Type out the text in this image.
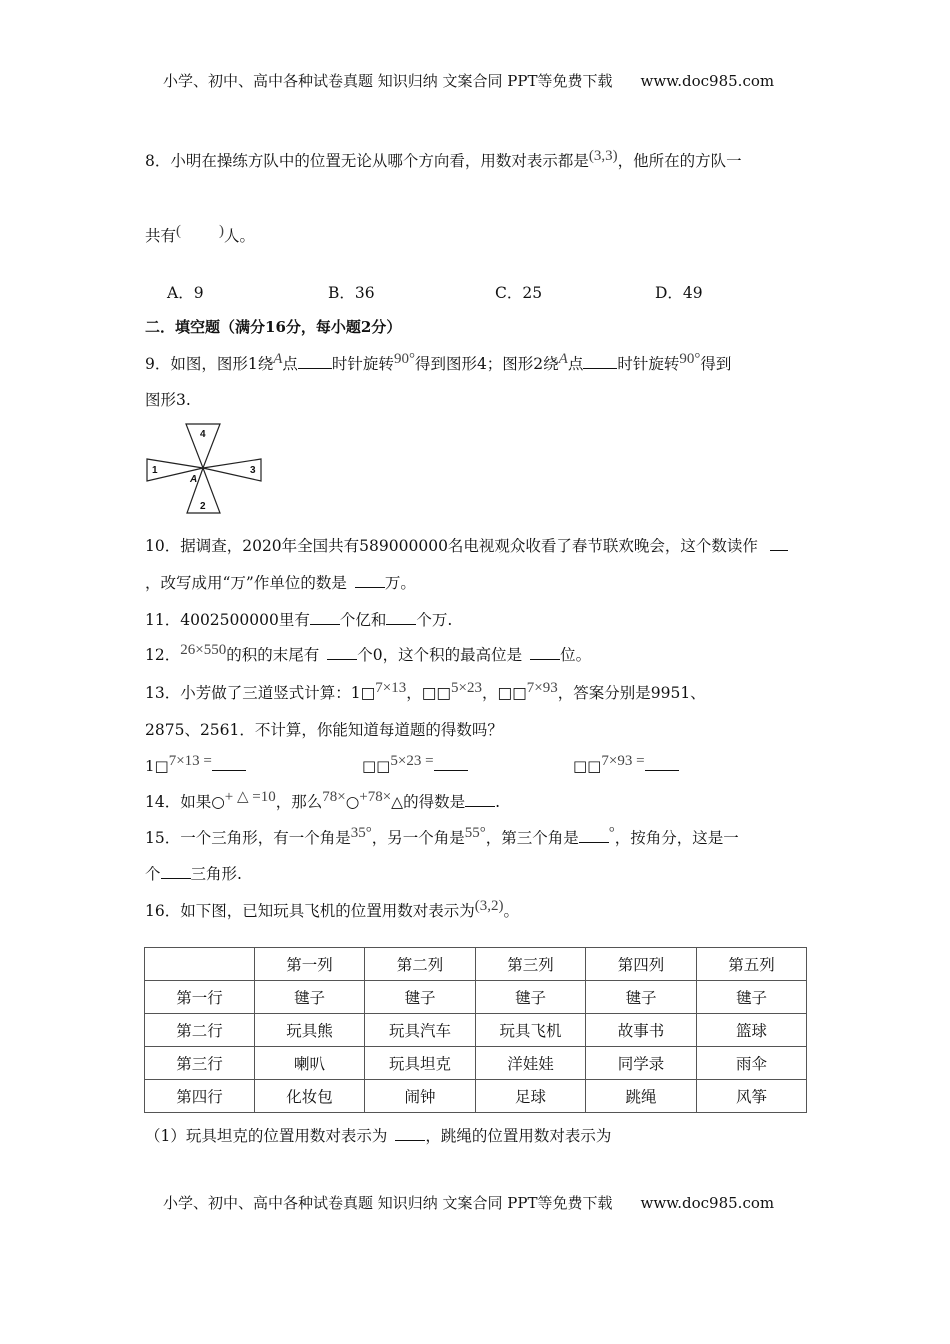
小学、初中、高中各种试卷真题 知识归纳 文案合同 PPT等免费下载 www.doc985.com
8．小明在操练方队中的位置无论从哪个方向看，用数对表示都是(3,3)，他所在的方队一
共有(	)人。
A．9	B．36	C．25	D．49
二．填空题（满分16分，每小题2分）
9．如图，图形1绕A点 时针旋转90°得到图形4；图形2绕A点 时针旋转90°得到
图形3.
4
1	3
2
A
10．据调查，2020年全国共有589000000名电视观众收看了春节联欢晚会，这个数读作
，改写成用“万”作单位的数是 万。
11．4002500000里有 个亿和 个万.
12．26×550的积的末尾有 个0，这个积的最高位是 位。
13．小芳做了三道竖式计算：1□7×13，□□5×23，□□7×93，答案分别是9951、
2875、2561．不计算，你能知道每道题的得数吗？
1□7×13 =	□□5×23 =	□□7×93 =
14．如果○+ △ =10，那么78×○+78×△的得数是 .
15．一个三角形，有一个角是35°，另一个角是55°，第三个角是 °，按角分，这是一
个 三角形.
16．如下图，已知玩具飞机的位置用数对表示为(3,2)。
	第一列	第二列	第三列	第四列	第五列
第一行	毽子	毽子	毽子	毽子	毽子
第二行	玩具熊	玩具汽车	玩具飞机	故事书	篮球
第三行	喇叭	玩具坦克	洋娃娃	同学录	雨伞
第四行	化妆包	闹钟	足球	跳绳	风筝
（1）玩具坦克的位置用数对表示为 ，跳绳的位置用数对表示为
小学、初中、高中各种试卷真题 知识归纳 文案合同 PPT等免费下载 www.doc985.com
